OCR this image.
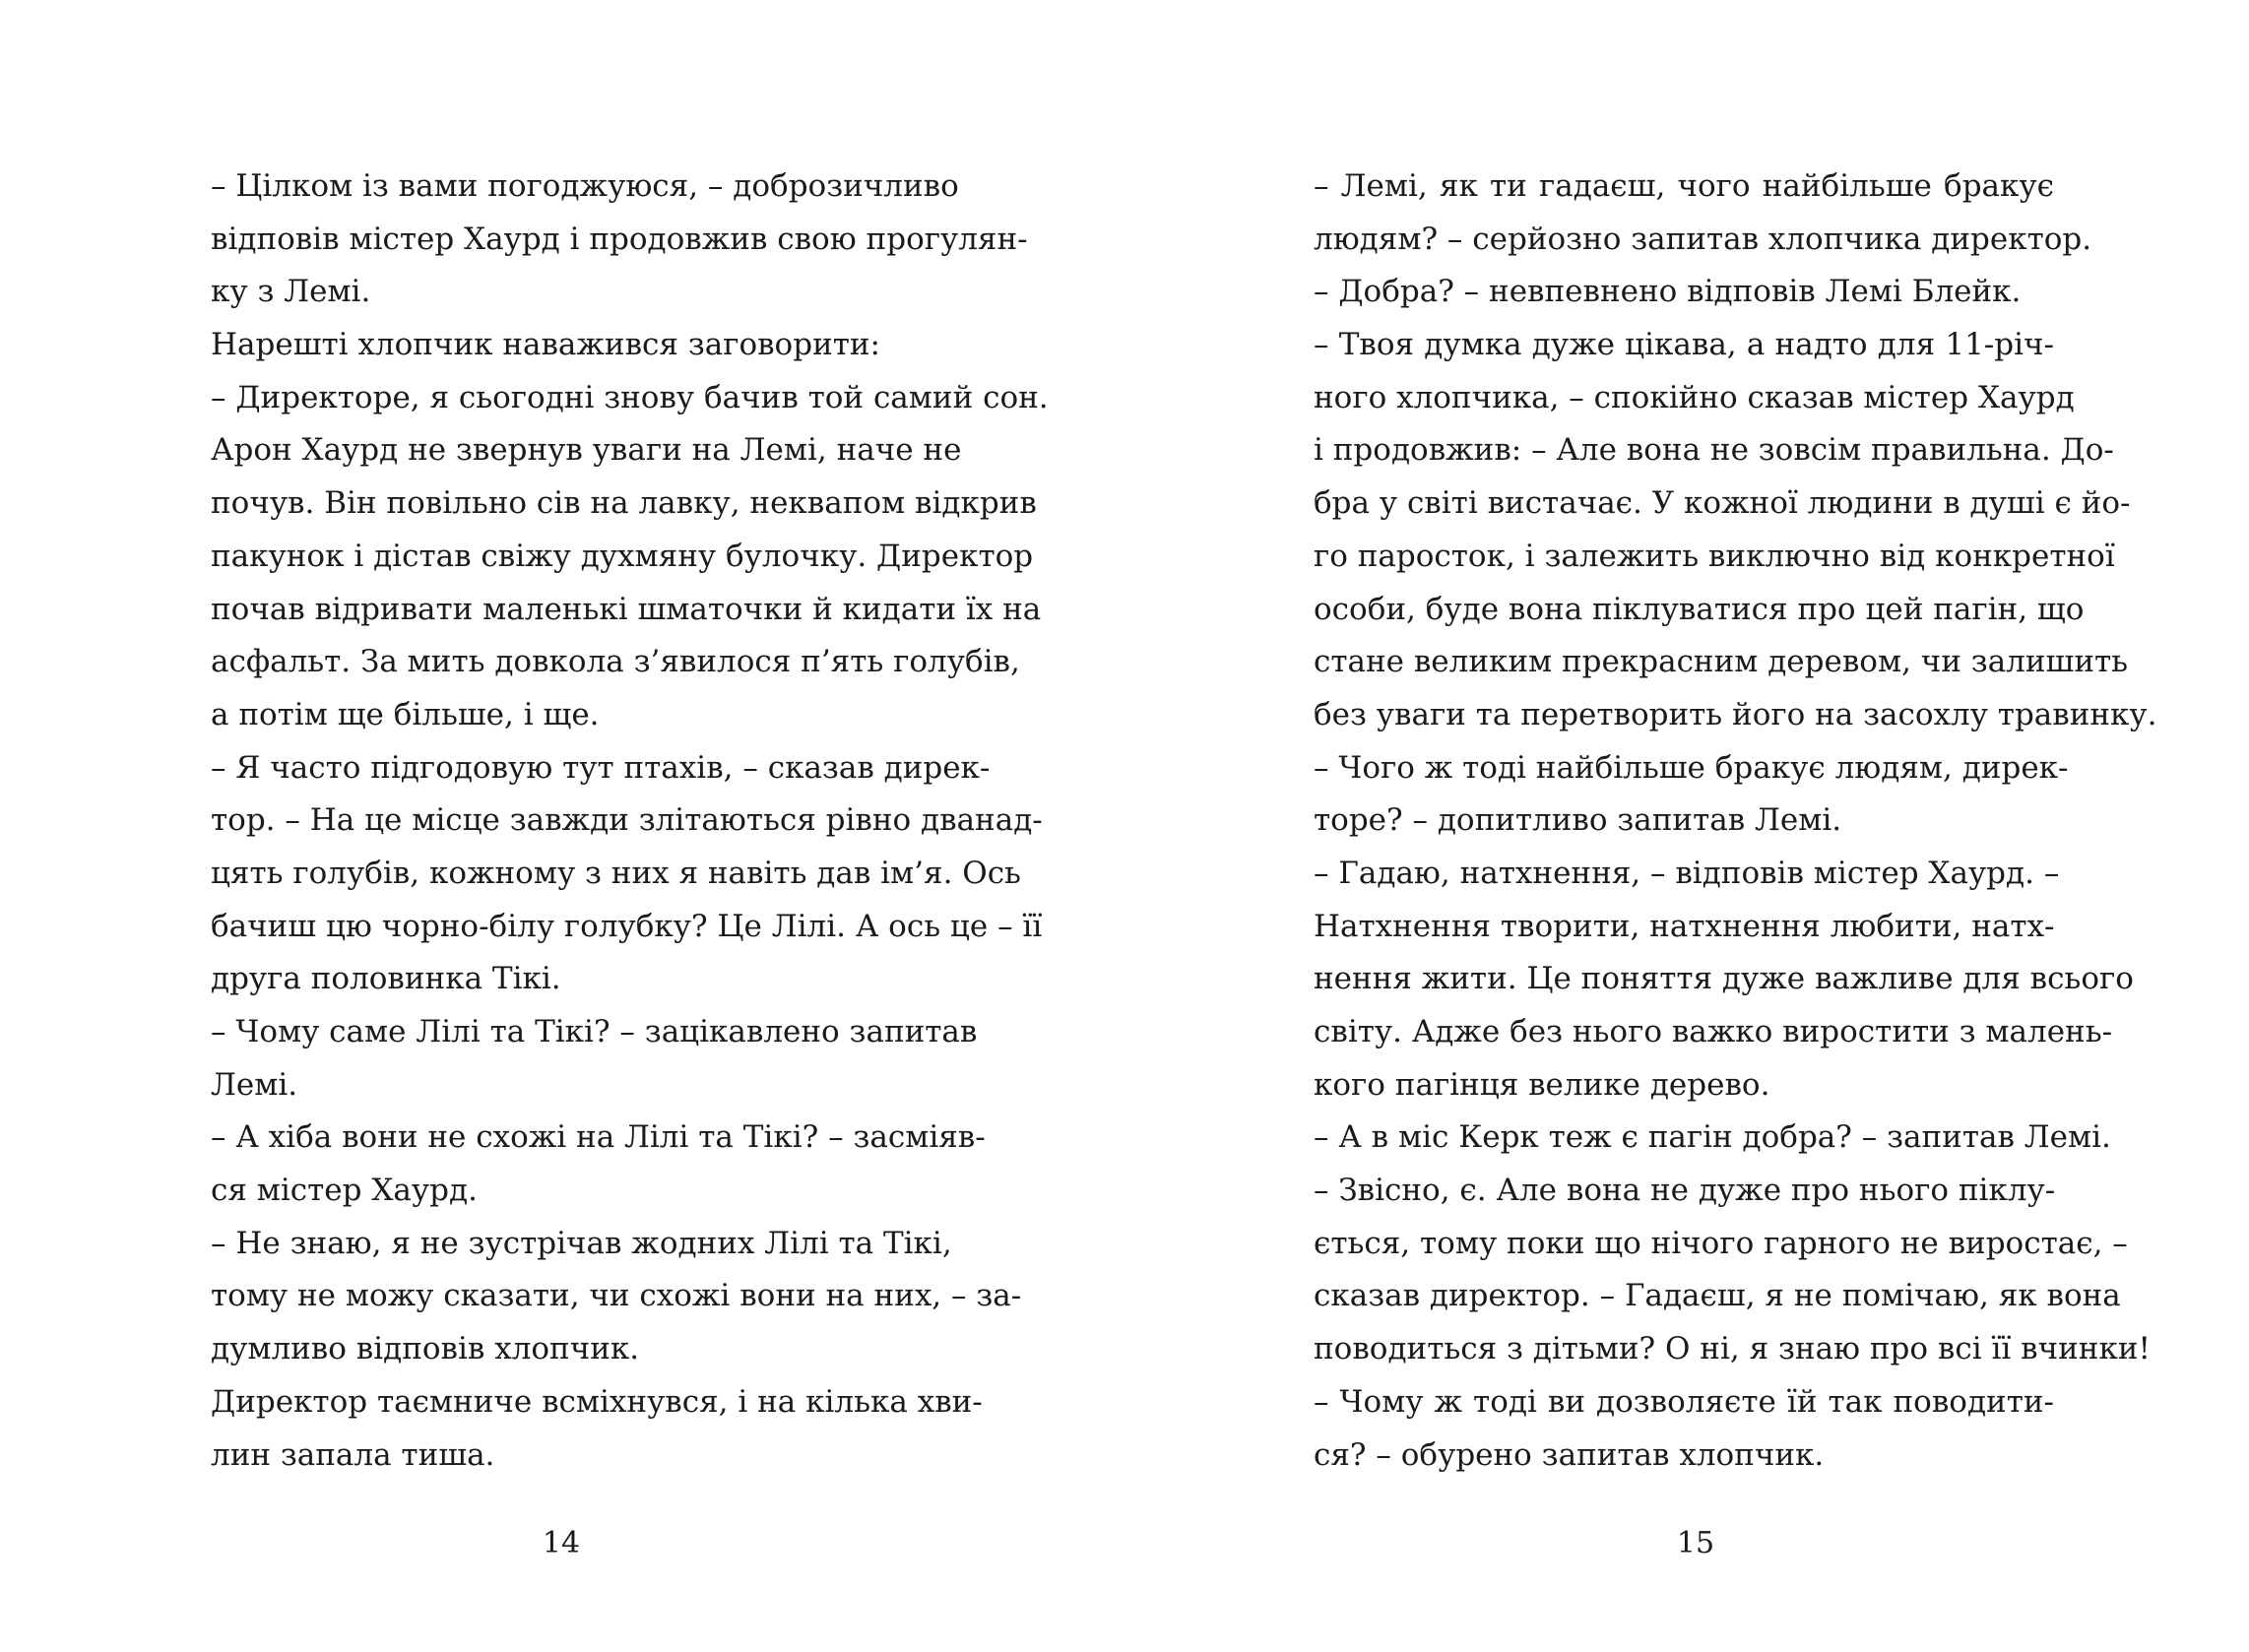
– Цілком із вами погоджуюся, – доброзичливо
відповів містер Хаурд і продовжив свою прогулян-
ку з Лемі.
Нарешті хлопчик наважився заговорити:
– Директоре, я сьогодні знову бачив той самий сон.
Арон Хаурд не звернув уваги на Лемі, наче не
почув. Він повільно сів на лавку, неквапом відкрив
пакунок і дістав свіжу духмяну булочку. Директор
почав відривати маленькі шматочки й кидати їх на
асфальт. За мить довкола з’явилося п’ять голубів,
а потім ще більше, і ще.
– Я часто підгодовую тут птахів, – сказав дирек-
тор. – На це місце завжди злітаються рівно дванад-
цять голубів, кожному з них я навіть дав ім’я. Ось
бачиш цю чорно-білу голубку? Це Лілі. А ось це – її
друга половинка Тікі.
– Чому саме Лілі та Тікі? – зацікавлено запитав
Лемі.
– А хіба вони не схожі на Лілі та Тікі? – засміяв-
ся містер Хаурд.
– Не знаю, я не зустрічав жодних Лілі та Тікі,
тому не можу сказати, чи схожі вони на них, – за-
думливо відповів хлопчик.
Директор таємниче всміхнувся, і на кілька хви-
лин запала тиша.
14
– Лемі, як ти гадаєш, чого найбільше бракує
людям? – серйозно запитав хлопчика директор.
– Добра? – невпевнено відповів Лемі Блейк.
– Твоя думка дуже цікава, а надто для 11-річ-
ного хлопчика, – спокійно сказав містер Хаурд
і продовжив: – Але вона не зовсім правильна. До-
бра у світі вистачає. У кожної людини в душі є йо-
го паросток, і залежить виключно від конкретної
особи, буде вона піклуватися про цей пагін, що
стане великим прекрасним деревом, чи залишить
без уваги та перетворить його на засохлу травинку.
– Чого ж тоді найбільше бракує людям, дирек-
торе? – допитливо запитав Лемі.
– Гадаю, натхнення, – відповів містер Хаурд. –
Натхнення творити, натхнення любити, натх-
нення жити. Це поняття дуже важливе для всього
світу. Адже без нього важко виростити з малень-
кого пагінця велике дерево.
– А в міс Керк теж є пагін добра? – запитав Лемі.
– Звісно, є. Але вона не дуже про нього піклу-
ється, тому поки що нічого гарного не виростає, –
сказав директор. – Гадаєш, я не помічаю, як вона
поводиться з дітьми? О ні, я знаю про всі її вчинки!
– Чому ж тоді ви дозволяєте їй так поводити-
ся? – обурено запитав хлопчик.
15
